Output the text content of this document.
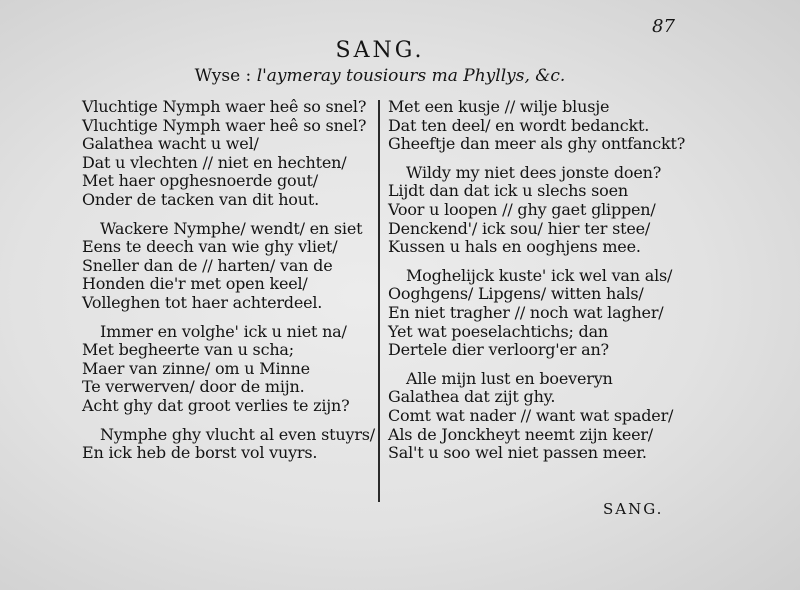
87
SANG.
Wyse : l'aymeray tousiours ma Phyllys, &c.
Vluchtige Nymph waer heê so snel?
Vluchtige Nymph waer heê so snel?
Galathea wacht u wel/
Dat u vlechten // niet en hechten/
Met haer opghesnoerde gout/
Onder de tacken van dit hout.
Wackere Nymphe/ wendt/ en siet
Eens te deech van wie ghy vliet/
Sneller dan de // harten/ van de
Honden die'r met open keel/
Volleghen tot haer achterdeel.
Immer en volghe' ick u niet na/
Met begheerte van u scha;
Maer van zinne/ om u Minne
Te verwerven/ door de mijn.
Acht ghy dat groot verlies te zijn?
Nymphe ghy vlucht al even stuyrs/
En ick heb de borst vol vuyrs.
Met een kusje // wilje blusje
Dat ten deel/ en wordt bedanckt.
Gheeftje dan meer als ghy ontfanckt?
Wildy my niet dees jonste doen?
Lijdt dan dat ick u slechs soen
Voor u loopen // ghy gaet glippen/
Denckend'/ ick sou/ hier ter stee/
Kussen u hals en ooghjens mee.
Moghelijck kuste' ick wel van als/
Ooghgens/ Lipgens/ witten hals/
En niet tragher // noch wat lagher/
Yet wat poeselachtichs; dan
Dertele dier verloorg'er an?
Alle mijn lust en boeveryn
Galathea dat zijt ghy.
Comt wat nader // want wat spader/
Als de Jonckheyt neemt zijn keer/
Sal't u soo wel niet passen meer.
SANG.
